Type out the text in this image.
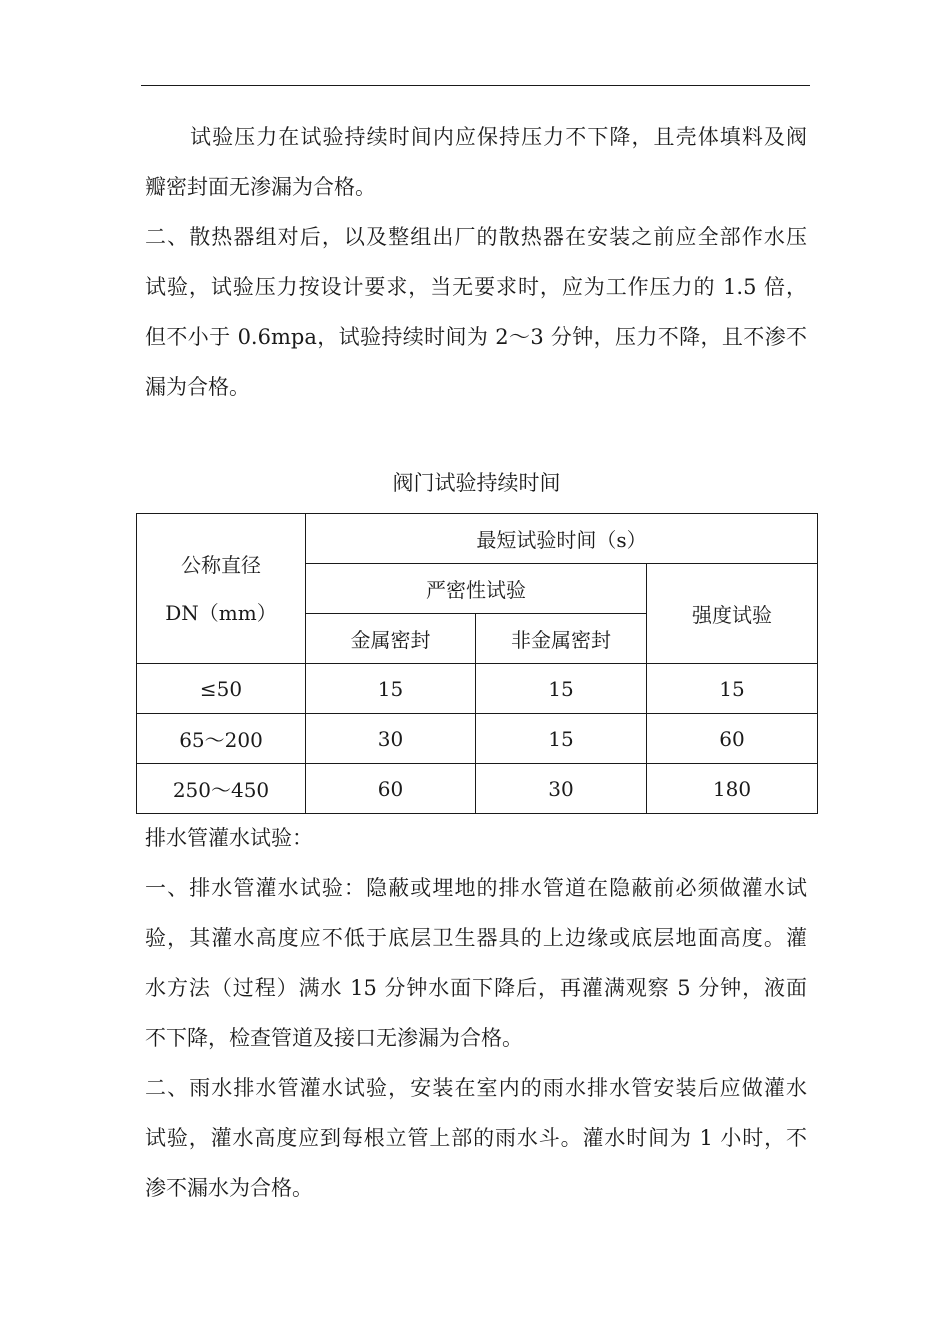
试验压力在试验持续时间内应保持压力不下降，且壳体填料及阀
瓣密封面无渗漏为合格。
二、散热器组对后，以及整组出厂的散热器在安装之前应全部作水压
试验，试验压力按设计要求，当无要求时，应为工作压力的 1.5 倍，
但不小于 0.6mpa，试验持续时间为 2～3 分钟，压力不降，且不渗不
漏为合格。
阀门试验持续时间
公称直径
DN（mm）	最短试验时间（s）		
	严密性试验		强度试验
	金属密封	非金属密封	
≤50	15	15	15
65～200	30	15	60
250～450	60	30	180
排水管灌水试验：
一、排水管灌水试验：隐蔽或埋地的排水管道在隐蔽前必须做灌水试
验，其灌水高度应不低于底层卫生器具的上边缘或底层地面高度。灌
水方法（过程）满水 15 分钟水面下降后，再灌满观察 5 分钟，液面
不下降，检查管道及接口无渗漏为合格。
二、雨水排水管灌水试验，安装在室内的雨水排水管安装后应做灌水
试验，灌水高度应到每根立管上部的雨水斗。灌水时间为 1 小时，不
渗不漏水为合格。
